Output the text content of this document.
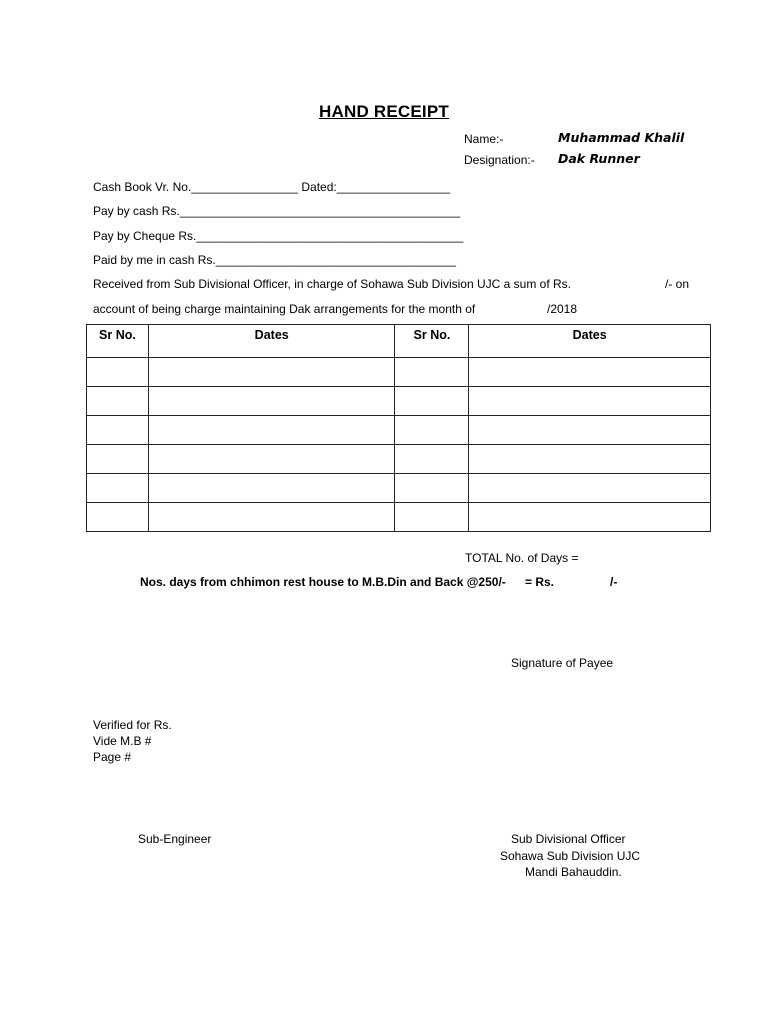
HAND RECEIPT
Name:-	Muhammad Khalil
Designation:- Dak Runner
Cash Book Vr. No.________________ Dated:_________________
Pay by cash Rs.__________________________________________
Pay by Cheque Rs.________________________________________
Paid by me in cash Rs.____________________________________
Received from Sub Divisional Officer, in charge of Sohawa Sub Division UJC a sum of Rs.	/- on
account of being charge maintaining Dak arrangements for the month of	/2018
Sr No.	Dates	Sr No.	Dates

TOTAL No. of Days =
Nos. days from chhimon rest house to M.B.Din and Back @250/- = Rs.	/-
Signature of Payee
Verified for Rs.
Vide M.B #
Page #
Sub-Engineer	Sub Divisional Officer
Sohawa Sub Division UJC
Mandi Bahauddin.
